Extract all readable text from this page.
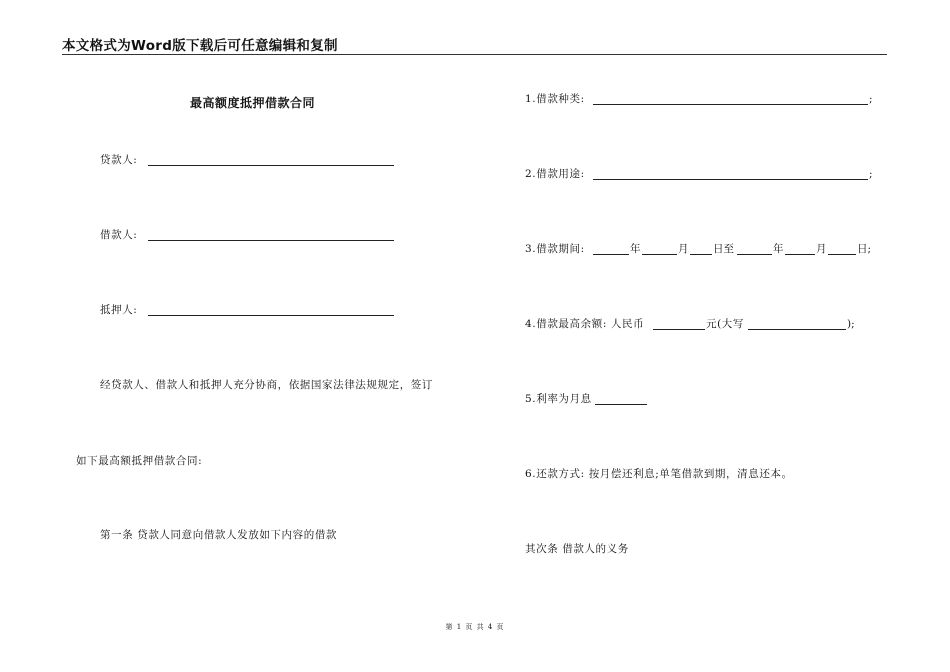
本文格式为Word版下载后可任意编辑和复制
最高额度抵押借款合同
贷款人:
借款人:
抵押人:
经贷款人、借款人和抵押人充分协商，依据国家法律法规规定，签订
如下最高额抵押借款合同:
第一条 贷款人同意向借款人发放如下内容的借款
1.借款种类:	;
2.借款用途:	;
3.借款期间:	年	月 日至	年	月	日;
4.借款最高余额: 人民币	元(大写	);
5.利率为月息
6.还款方式: 按月偿还利息;单笔借款到期，清息还本。
其次条 借款人的义务
第 1 页 共 4 页
